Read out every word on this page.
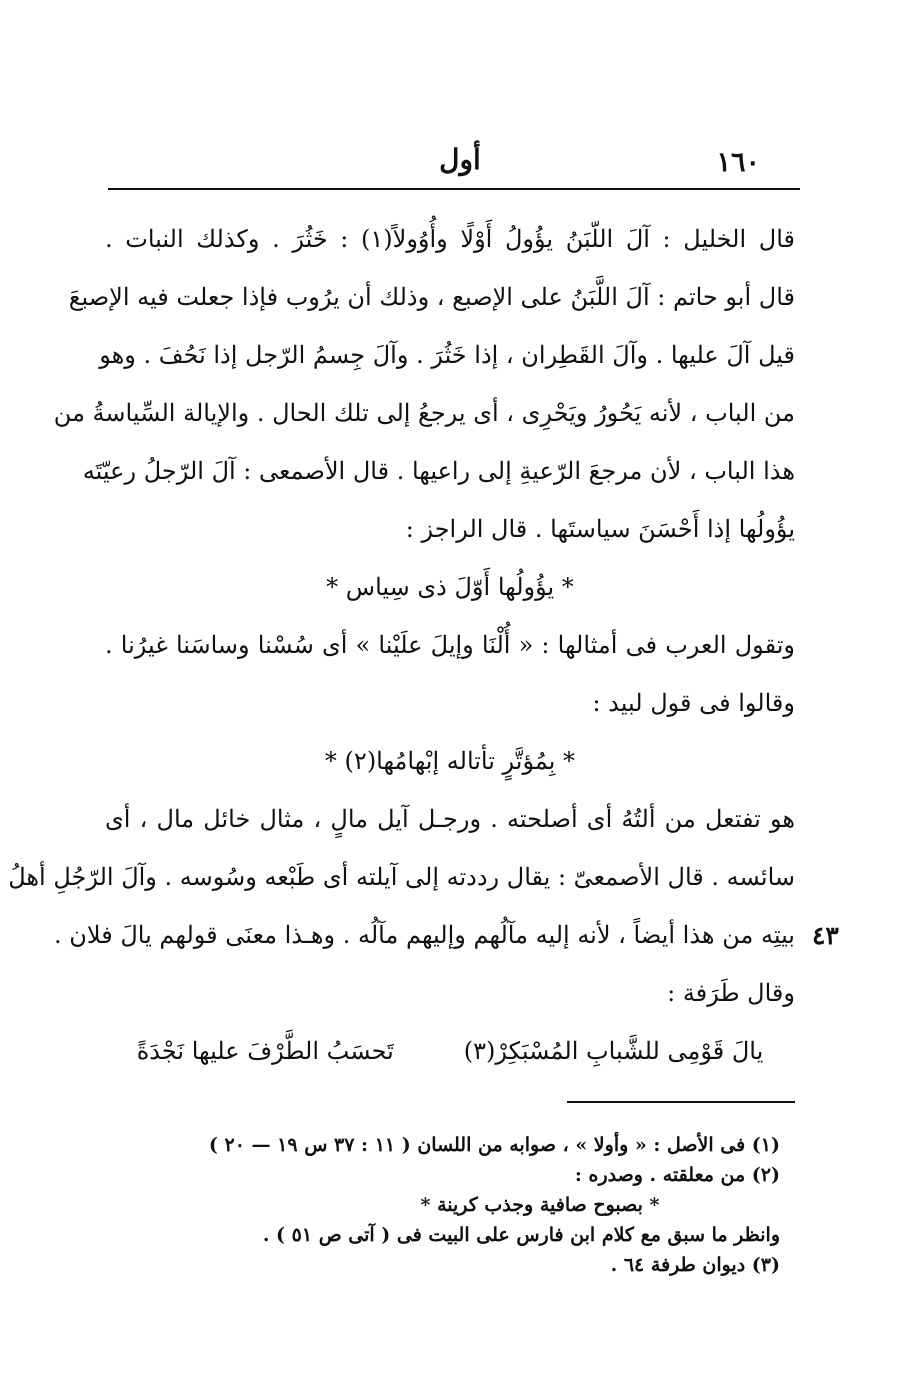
١٦٠
أول
قال الخليل : آلَ اللّبَنُ يؤُولُ أَوْلًا وأُوُولاً(١) : خَثُرَ . وكذلك النبات .
قال أبو حاتم : آلَ اللَّبَنُ على الإصبع ، وذلك أن يرُوب فإذا جعلت فيه الإصبعَ
قيل آلَ عليها . وآلَ القَطِران ، إذا خَثُرَ . وآلَ جِسمُ الرّجل إذا نَحُفَ . وهو
من الباب ، لأنه يَحُورُ ويَحْرِى ، أى يرجعُ إلى تلك الحال . والإيالة السِّياسةُ من
هذا الباب ، لأن مرجعَ الرّعيةِ إلى راعيها . قال الأصمعى : آلَ الرّجلُ رعيّتَه
يؤُولُها إذا أَحْسَنَ سياستَها . قال الراجز :
* يؤُولُها أَوّلَ ذى سِياس *
وتقول العرب فى أمثالها : « أُلْنَا وإيلَ علَيْنا » أى سُسْنا وساسَنا غيرُنا .
وقالوا فى قول لبيد :
* بِمُؤتَّرٍ تأتاله إبْهامُها(٢) *
هو تفتعل من ألتُهُ أى أصلحته . ورجـل آيل مالٍ ، مثال خائل مال ، أى
سائسه . قال الأصمعىّ : يقال رددته إلى آيلته أى طَبْعه وسُوسه . وآلَ الرّجُلِ أهلُ
بيتِه من هذا أيضاً ، لأنه إليه مآلُهم وإليهم مآلُه . وهـذا معنَى قولهم يالَ فلان .
وقال طَرَفة :
تَحسَبُ الطَّرْفَ عليها نَجْدَةً	يالَ قَوْمِى للشَّبابِ المُسْبَكِرْ(٣)
٤٣
(١) فى الأصل : « وأولا » ، صوابه من اللسان ( ١١ : ٣٧ س ١٩ — ٢٠ )
(٢) من معلقته . وصدره :
* بصبوح صافية وجذب كرينة *
وانظر ما سبق مع كلام ابن فارس على البيت فى ( آتى ص ٥١ ) .
(٣) ديوان طرفة ٦٤ .
